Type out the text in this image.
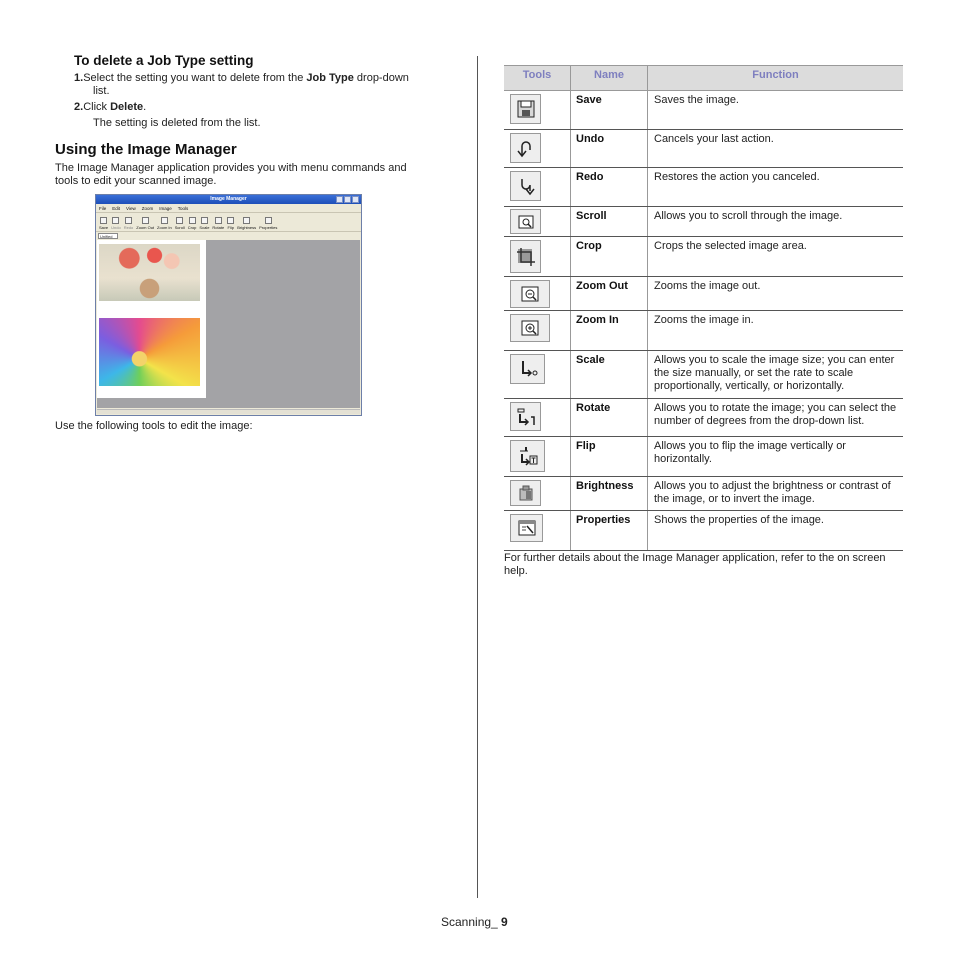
To delete a Job Type setting
1.Select the setting you want to delete from the Job Type drop-down
list.
2.Click Delete.
The setting is deleted from the list.
Using the Image Manager
The Image Manager application provides you with menu commands and
tools to edit your scanned image.
Image Manager
File Edit View Zoom Image Tools
Save Undo Redo Zoom Out Zoom In Scroll Crop Scale Rotate Flip Brightness Properties
Unified
Use the following tools to edit the image:
Tools	Name	Function
Save	Saves the image.
Undo	Cancels your last action.
Redo	Restores the action you canceled.
Scroll	Allows you to scroll through the image.
Crop	Crops the selected image area.
Zoom Out	Zooms the image out.
Zoom In	Zooms the image in.
Scale	Allows you to scale the image size; you can enter the size manually, or set the rate to scale proportionally, vertically, or horizontally.
Rotate	Allows you to rotate the image; you can select the number of degrees from the drop-down list.
Flip	Allows you to flip the image vertically or horizontally.
Brightness	Allows you to adjust the brightness or contrast of the image, or to invert the image.
Properties	Shows the properties of the image.
For further details about the Image Manager application, refer to the on screen help.
Scanning_ 9
